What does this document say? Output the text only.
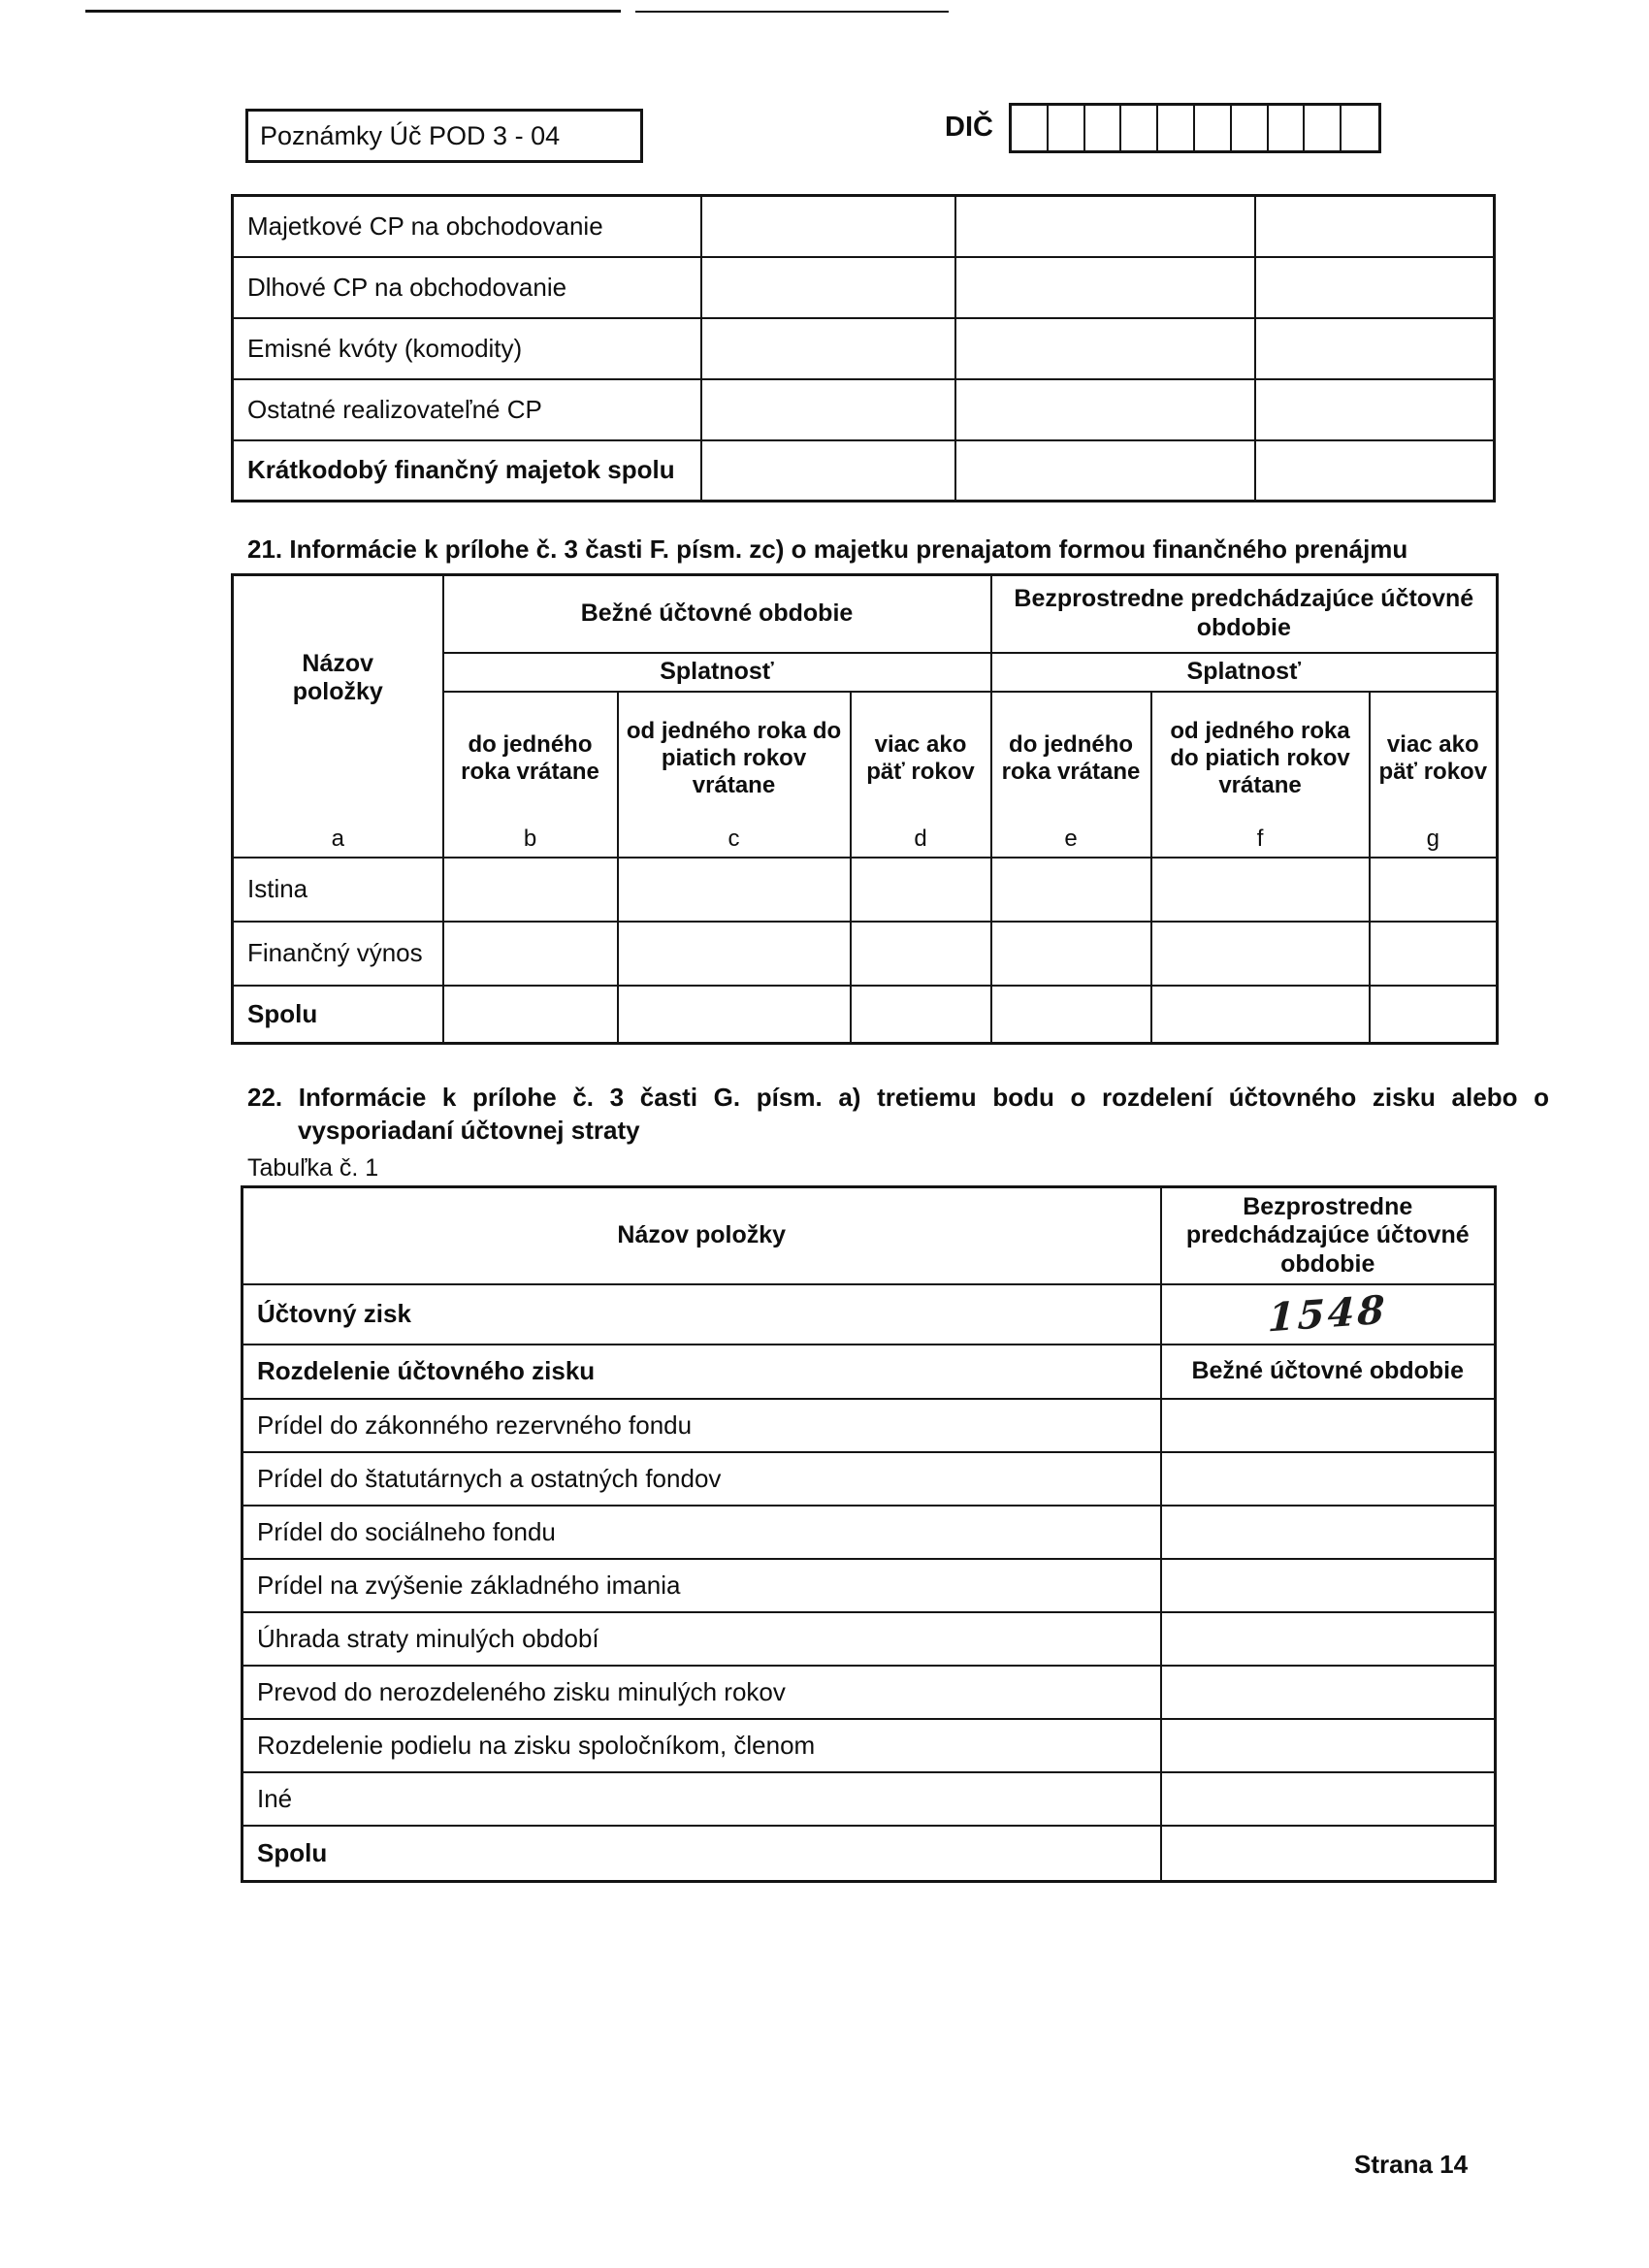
Poznámky Úč POD 3 - 04	DIČ
Majetkové CP na obchodovanie			
Dlhové CP na obchodovanie			
Emisné kvóty (komodity)			
Ostatné realizovateľné CP			
Krátkodobý finančný majetok spolu			
21. Informácie k prílohe č. 3 časti F. písm. zc) o majetku prenajatom formou finančného prenájmu
Názov položky	Bežné účtovné obdobie			Bezprostredne predchádzajúce účtovné obdobie		
	Splatnosť			Splatnosť		
	do jedného roka vrátane	od jedného roka do piatich rokov vrátane	viac ako päť rokov	do jedného roka vrátane	od jedného roka do piatich rokov vrátane	viac ako päť rokov
a	b	c	d	e	f	g
Istina						
Finančný výnos						
Spolu						
22. Informácie k prílohe č. 3 časti G. písm. a) tretiemu bodu o rozdelení účtovného zisku alebo o vysporiadaní účtovnej straty
Tabuľka č. 1
Názov položky	Bezprostredne predchádzajúce účtovné obdobie
Účtovný zisk	1548
Rozdelenie účtovného zisku	Bežné účtovné obdobie
Prídel do zákonného rezervného fondu	
Prídel do štatutárnych a ostatných fondov	
Prídel do sociálneho fondu	
Prídel na zvýšenie základného imania	
Úhrada straty minulých období	
Prevod do nerozdeleného zisku minulých rokov	
Rozdelenie podielu na zisku spoločníkom, členom	
Iné	
Spolu	
Strana 14
